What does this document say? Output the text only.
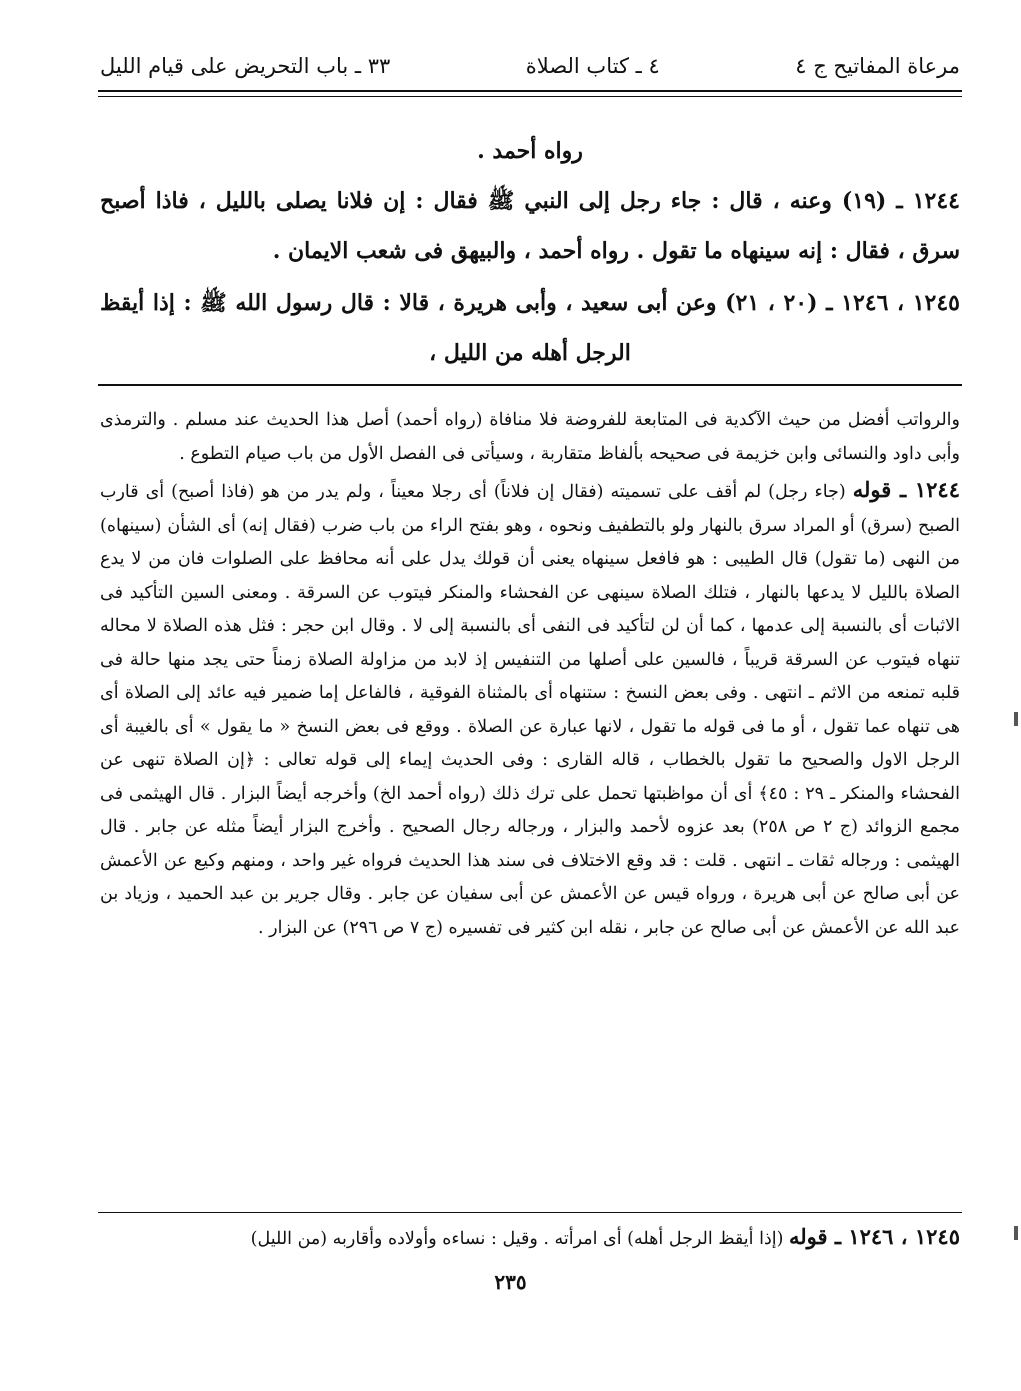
مرعاة المفاتيح ج ٤
٤ ـ كتاب الصلاة
٣٣ ـ باب التحريض على قيام الليل
رواه أحمد .
١٢٤٤ ـ (١٩) وعنه ، قال : جاء رجل إلى النبي ﷺ فقال : إن فلانا يصلى بالليل ، فاذا أصبح سرق ، فقال : إنه سينهاه ما تقول . رواه أحمد ، والبيهق فى شعب الايمان .
١٢٤٥ ، ١٢٤٦ ـ (٢٠ ، ٢١) وعن أبى سعيد ، وأبى هريرة ، قالا : قال رسول الله ﷺ : إذا أيقظ الرجل أهله من الليل ،

والرواتب أفضل من حيث الآكدية فى المتابعة للفروضة فلا منافاة (رواه أحمد) أصل هذا الحديث عند مسلم . والترمذى وأبى داود والنسائى وابن خزيمة فى صحيحه بألفاظ متقاربة ، وسيأتى فى الفصل الأول من باب صيام التطوع .

١٢٤٤ ـ قوله (جاء رجل) لم أقف على تسميته (فقال إن فلاناً) أى رجلا معيناً ، ولم يدر من هو (فاذا أصبح) أى قارب الصبح (سرق) أو المراد سرق بالنهار ولو بالتطفيف ونحوه ، وهو بفتح الراء من باب ضرب (فقال إنه) أى الشأن (سينهاه) من النهى (ما تقول) قال الطيبى : هو فافعل سينهاه يعنى أن قولك يدل على أنه محافظ على الصلوات فان من لا يدع الصلاة بالليل لا يدعها بالنهار ، فتلك الصلاة سينهى عن الفحشاء والمنكر فيتوب عن السرقة . ومعنى السين التأكيد فى الاثبات أى بالنسبة إلى عدمها ، كما أن لن لتأكيد فى النفى أى بالنسبة إلى لا . وقال ابن حجر : فثل هذه الصلاة لا محاله تنهاه فيتوب عن السرقة قريباً ، فالسين على أصلها من التنفيس إذ لابد من مزاولة الصلاة زمناً حتى يجد منها حالة فى قلبه تمنعه من الاثم ـ انتهى . وفى بعض النسخ : ستنهاه أى بالمثناة الفوقية ، فالفاعل إما ضمير فيه عائد إلى الصلاة أى هى تنهاه عما تقول ، أو ما فى قوله ما تقول ، لانها عبارة عن الصلاة . ووقع فى بعض النسخ « ما يقول » أى بالغيبة أى الرجل الاول والصحيح ما تقول بالخطاب ، قاله القارى : وفى الحديث إيماء إلى قوله تعالى : ﴿إن الصلاة تنهى عن الفحشاء والمنكر ـ ٢٩ : ٤٥﴾ أى أن مواظبتها تحمل على ترك ذلك (رواه أحمد الخ) وأخرجه أيضاً البزار . قال الهيثمى فى مجمع الزوائد (ج ٢ ص ٢٥٨) بعد عزوه لأحمد والبزار ، ورجاله رجال الصحيح . وأخرج البزار أيضاً مثله عن جابر . قال الهيثمى : ورجاله ثقات ـ انتهى . قلت : قد وقع الاختلاف فى سند هذا الحديث فرواه غير واحد ، ومنهم وكيع عن الأعمش عن أبى صالح عن أبى هريرة ، ورواه قيس عن الأعمش عن أبى سفيان عن جابر . وقال جرير بن عبد الحميد ، وزياد بن عبد الله عن الأعمش عن أبى صالح عن جابر ، نقله ابن كثير فى تفسيره (ج ٧ ص ٢٩٦) عن البزار .

١٢٤٥ ، ١٢٤٦ ـ قوله (إذا أيقظ الرجل أهله) أى امرأته . وقيل : نساءه وأولاده وأقاربه (من الليل)
٢٣٥
